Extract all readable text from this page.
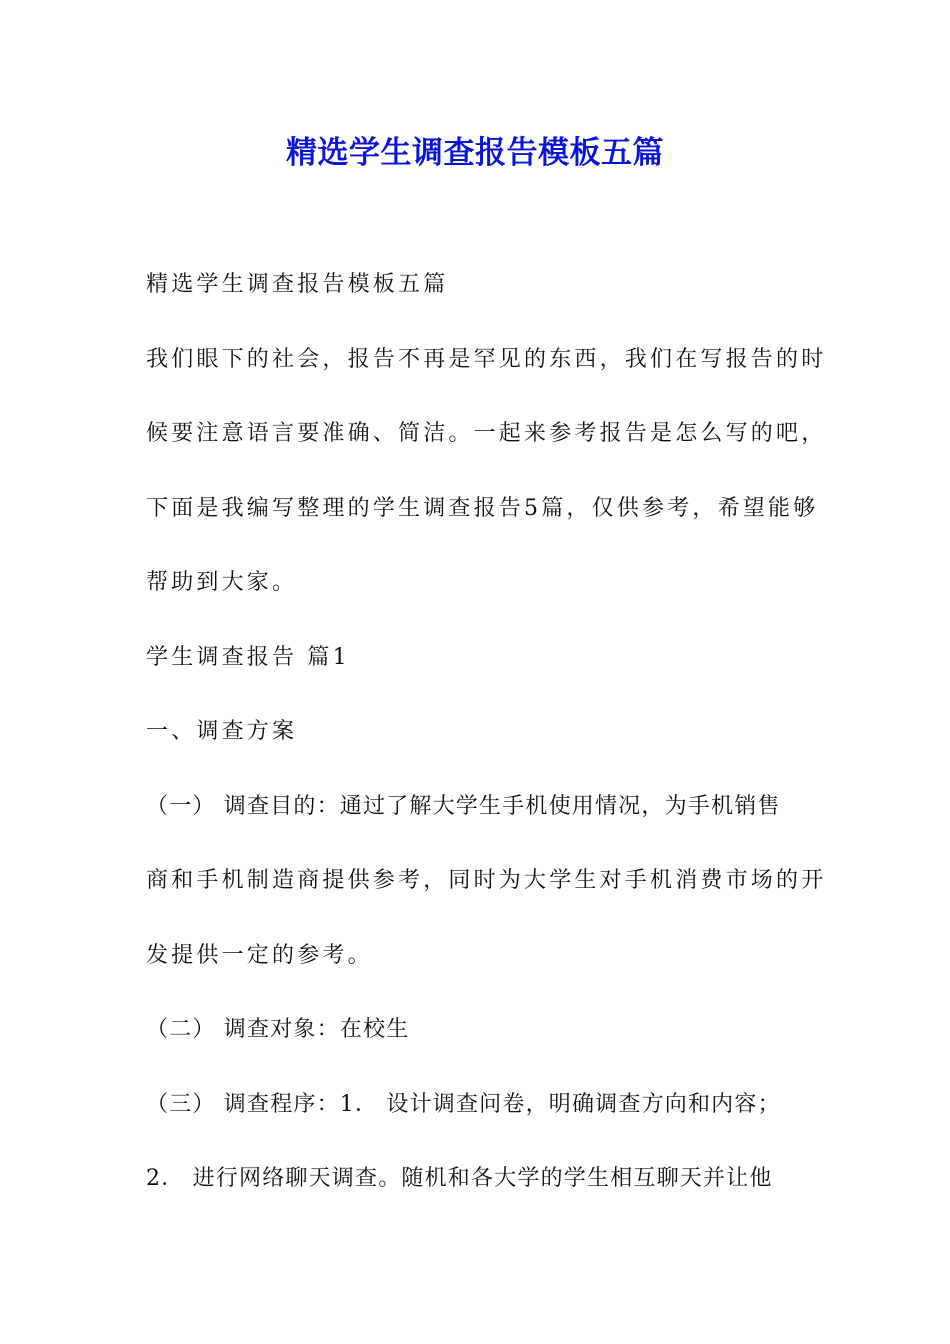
精选学生调查报告模板五篇

精选学生调查报告模板五篇

我们眼下的社会，报告不再是罕见的东西，我们在写报告的时

候要注意语言要准确、简洁。一起来参考报告是怎么写的吧，

下面是我编写整理的学生调查报告5篇，仅供参考，希望能够

帮助到大家。

学生调查报告 篇1

一、调查方案

（一） 调查目的：通过了解大学生手机使用情况，为手机销售

商和手机制造商提供参考，同时为大学生对手机消费市场的开

发提供一定的参考。

（二） 调查对象：在校生

（三） 调查程序：1． 设计调查问卷，明确调查方向和内容；

2． 进行网络聊天调查。随机和各大学的学生相互聊天并让他
